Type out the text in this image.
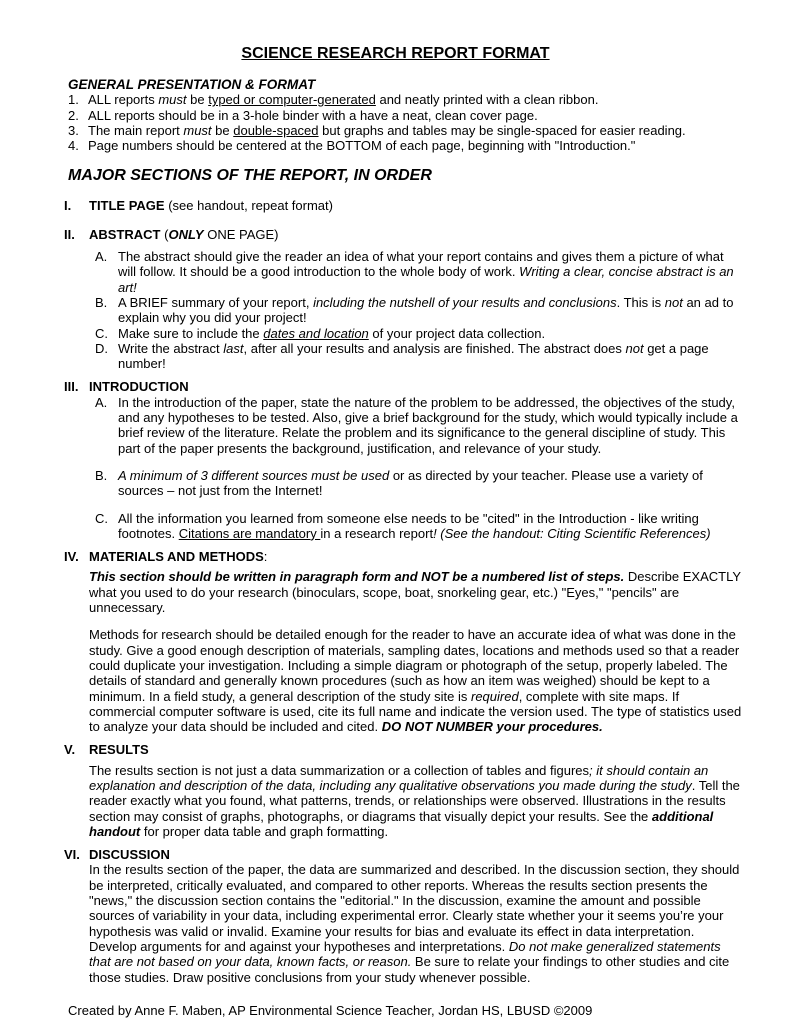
SCIENCE RESEARCH REPORT FORMAT
GENERAL PRESENTATION & FORMAT
1. ALL reports must be typed or computer-generated and neatly printed with a clean ribbon.
2. ALL reports should be in a 3-hole binder with a have a neat, clean cover page.
3. The main report must be double-spaced but graphs and tables may be single-spaced for easier reading.
4. Page numbers should be centered at the BOTTOM of each page, beginning with "Introduction."
MAJOR SECTIONS OF THE REPORT, IN ORDER
I.	TITLE PAGE (see handout, repeat format)
II.	ABSTRACT (ONLY ONE PAGE)
A. The abstract should give the reader an idea of what your report contains and gives them a picture of what will follow. It should be a good introduction to the whole body of work. Writing a clear, concise abstract is an art!
B. A BRIEF summary of your report, including the nutshell of your results and conclusions. This is not an ad to explain why you did your project!
C. Make sure to include the dates and location of your project data collection.
D. Write the abstract last, after all your results and analysis are finished. The abstract does not get a page number!
III. INTRODUCTION
A. In the introduction of the paper, state the nature of the problem to be addressed, the objectives of the study, and any hypotheses to be tested. Also, give a brief background for the study, which would typically include a brief review of the literature. Relate the problem and its significance to the general discipline of study. This part of the paper presents the background, justification, and relevance of your study.
B. A minimum of 3 different sources must be used or as directed by your teacher. Please use a variety of sources – not just from the Internet!
C. All the information you learned from someone else needs to be "cited" in the Introduction - like writing footnotes. Citations are mandatory in a research report! (See the handout: Citing Scientific References)
IV. MATERIALS AND METHODS:
This section should be written in paragraph form and NOT be a numbered list of steps. Describe EXACTLY what you used to do your research (binoculars, scope, boat, snorkeling gear, etc.) "Eyes," "pencils" are unnecessary.
Methods for research should be detailed enough for the reader to have an accurate idea of what was done in the study. Give a good enough description of materials, sampling dates, locations and methods used so that a reader could duplicate your investigation. Including a simple diagram or photograph of the setup, properly labeled. The details of standard and generally known procedures (such as how an item was weighed) should be kept to a minimum. In a field study, a general description of the study site is required, complete with site maps. If commercial computer software is used, cite its full name and indicate the version used. The type of statistics used to analyze your data should be included and cited. DO NOT NUMBER your procedures.
V.	RESULTS
The results section is not just a data summarization or a collection of tables and figures; it should contain an explanation and description of the data, including any qualitative observations you made during the study. Tell the reader exactly what you found, what patterns, trends, or relationships were observed. Illustrations in the results section may consist of graphs, photographs, or diagrams that visually depict your results. See the additional handout for proper data table and graph formatting.
VI. DISCUSSION
In the results section of the paper, the data are summarized and described. In the discussion section, they should be interpreted, critically evaluated, and compared to other reports. Whereas the results section presents the "news," the discussion section contains the "editorial." In the discussion, examine the amount and possible sources of variability in your data, including experimental error. Clearly state whether your it seems you’re your hypothesis was valid or invalid. Examine your results for bias and evaluate its effect in data interpretation. Develop arguments for and against your hypotheses and interpretations. Do not make generalized statements that are not based on your data, known facts, or reason. Be sure to relate your findings to other studies and cite those studies. Draw positive conclusions from your study whenever possible.
Created by Anne F. Maben, AP Environmental Science Teacher, Jordan HS, LBUSD ©2009
